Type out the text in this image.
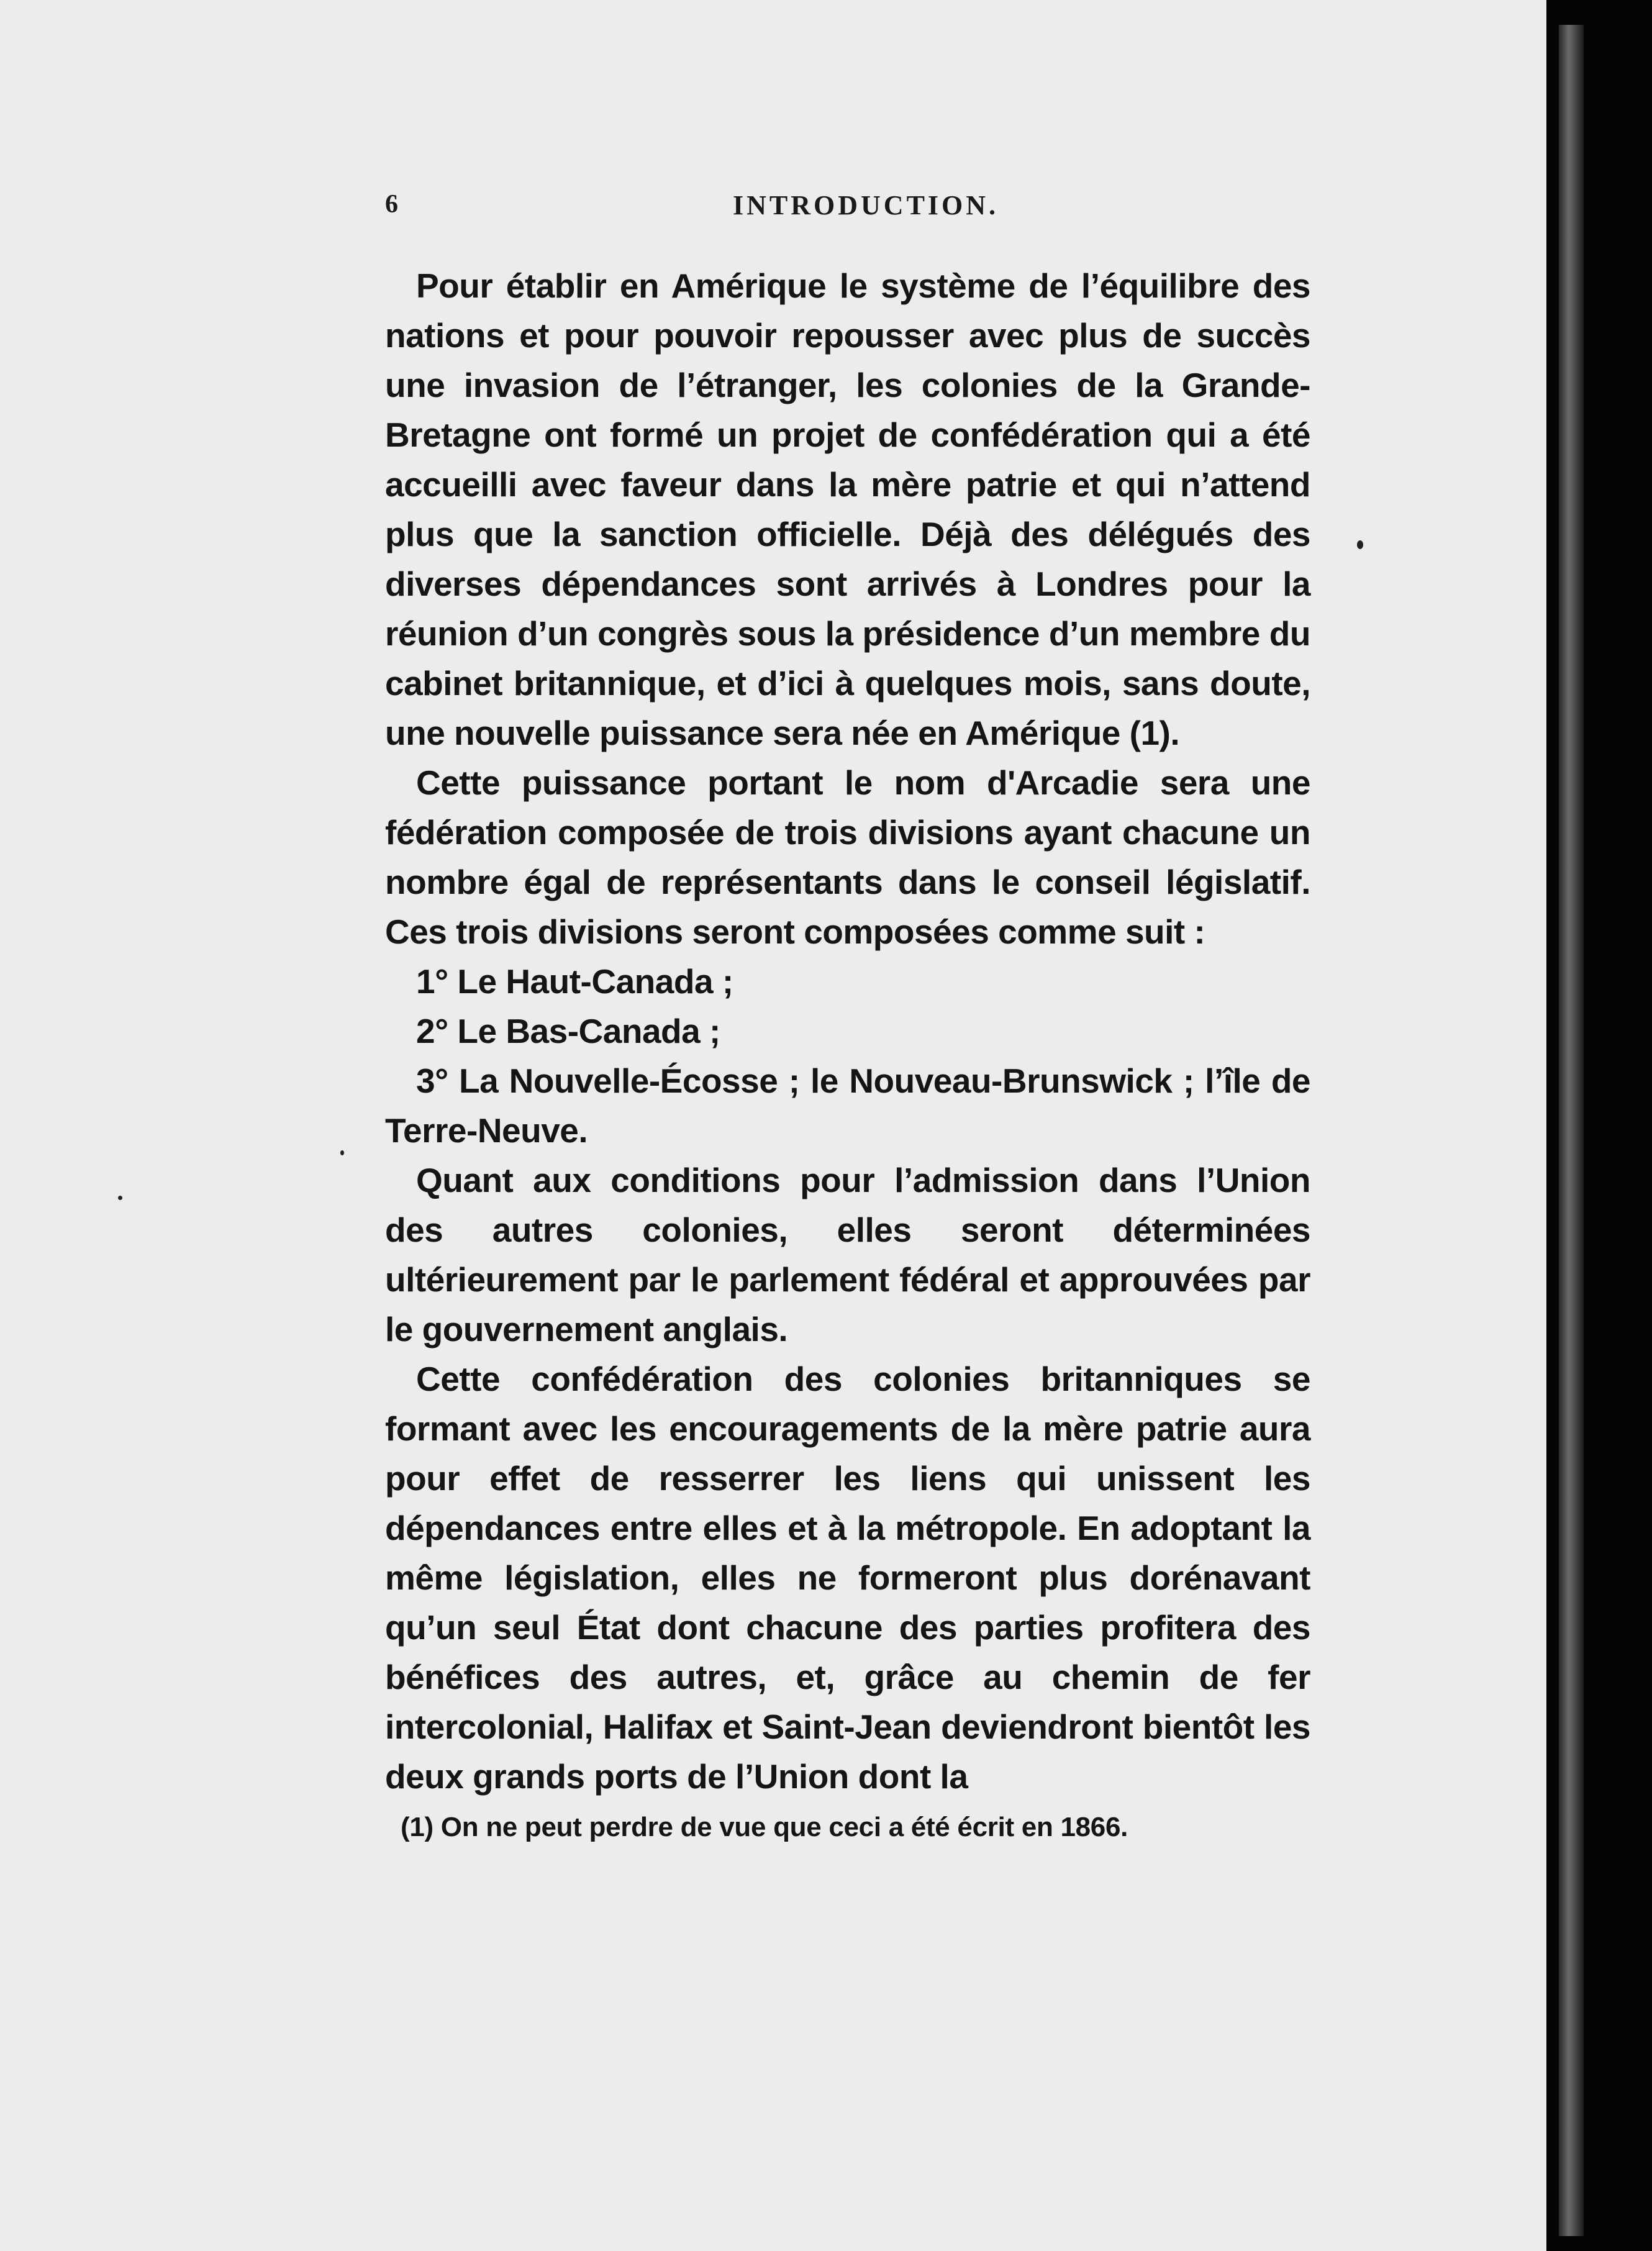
6	INTRODUCTION.

Pour établir en Amérique le système de l’équilibre des nations et pour pouvoir repousser avec plus de succès une invasion de l’étranger, les colonies de la Grande-Bretagne ont formé un projet de confédération qui a été accueilli avec faveur dans la mère patrie et qui n’attend plus que la sanction officielle. Déjà des délégués des diverses dépendances sont arrivés à Londres pour la réunion d’un congrès sous la présidence d’un membre du cabinet britannique, et d’ici à quelques mois, sans doute, une nouvelle puissance sera née en Amérique (1).

Cette puissance portant le nom d'Arcadie sera une fédération composée de trois divisions ayant chacune un nombre égal de représentants dans le conseil législatif. Ces trois divisions seront composées comme suit :

1° Le Haut-Canada ;

2° Le Bas-Canada ;

3° La Nouvelle-Écosse ; le Nouveau-Brunswick ; l’île de Terre-Neuve.

Quant aux conditions pour l’admission dans l’Union des autres colonies, elles seront déterminées ultérieurement par le parlement fédéral et approuvées par le gouvernement anglais.

Cette confédération des colonies britanniques se formant avec les encouragements de la mère patrie aura pour effet de resserrer les liens qui unissent les dépendances entre elles et à la métropole. En adoptant la même législation, elles ne formeront plus dorénavant qu’un seul État dont chacune des parties profitera des bénéfices des autres, et, grâce au chemin de fer intercolonial, Halifax et Saint-Jean deviendront bientôt les deux grands ports de l’Union dont la

(1) On ne peut perdre de vue que ceci a été écrit en 1866.
